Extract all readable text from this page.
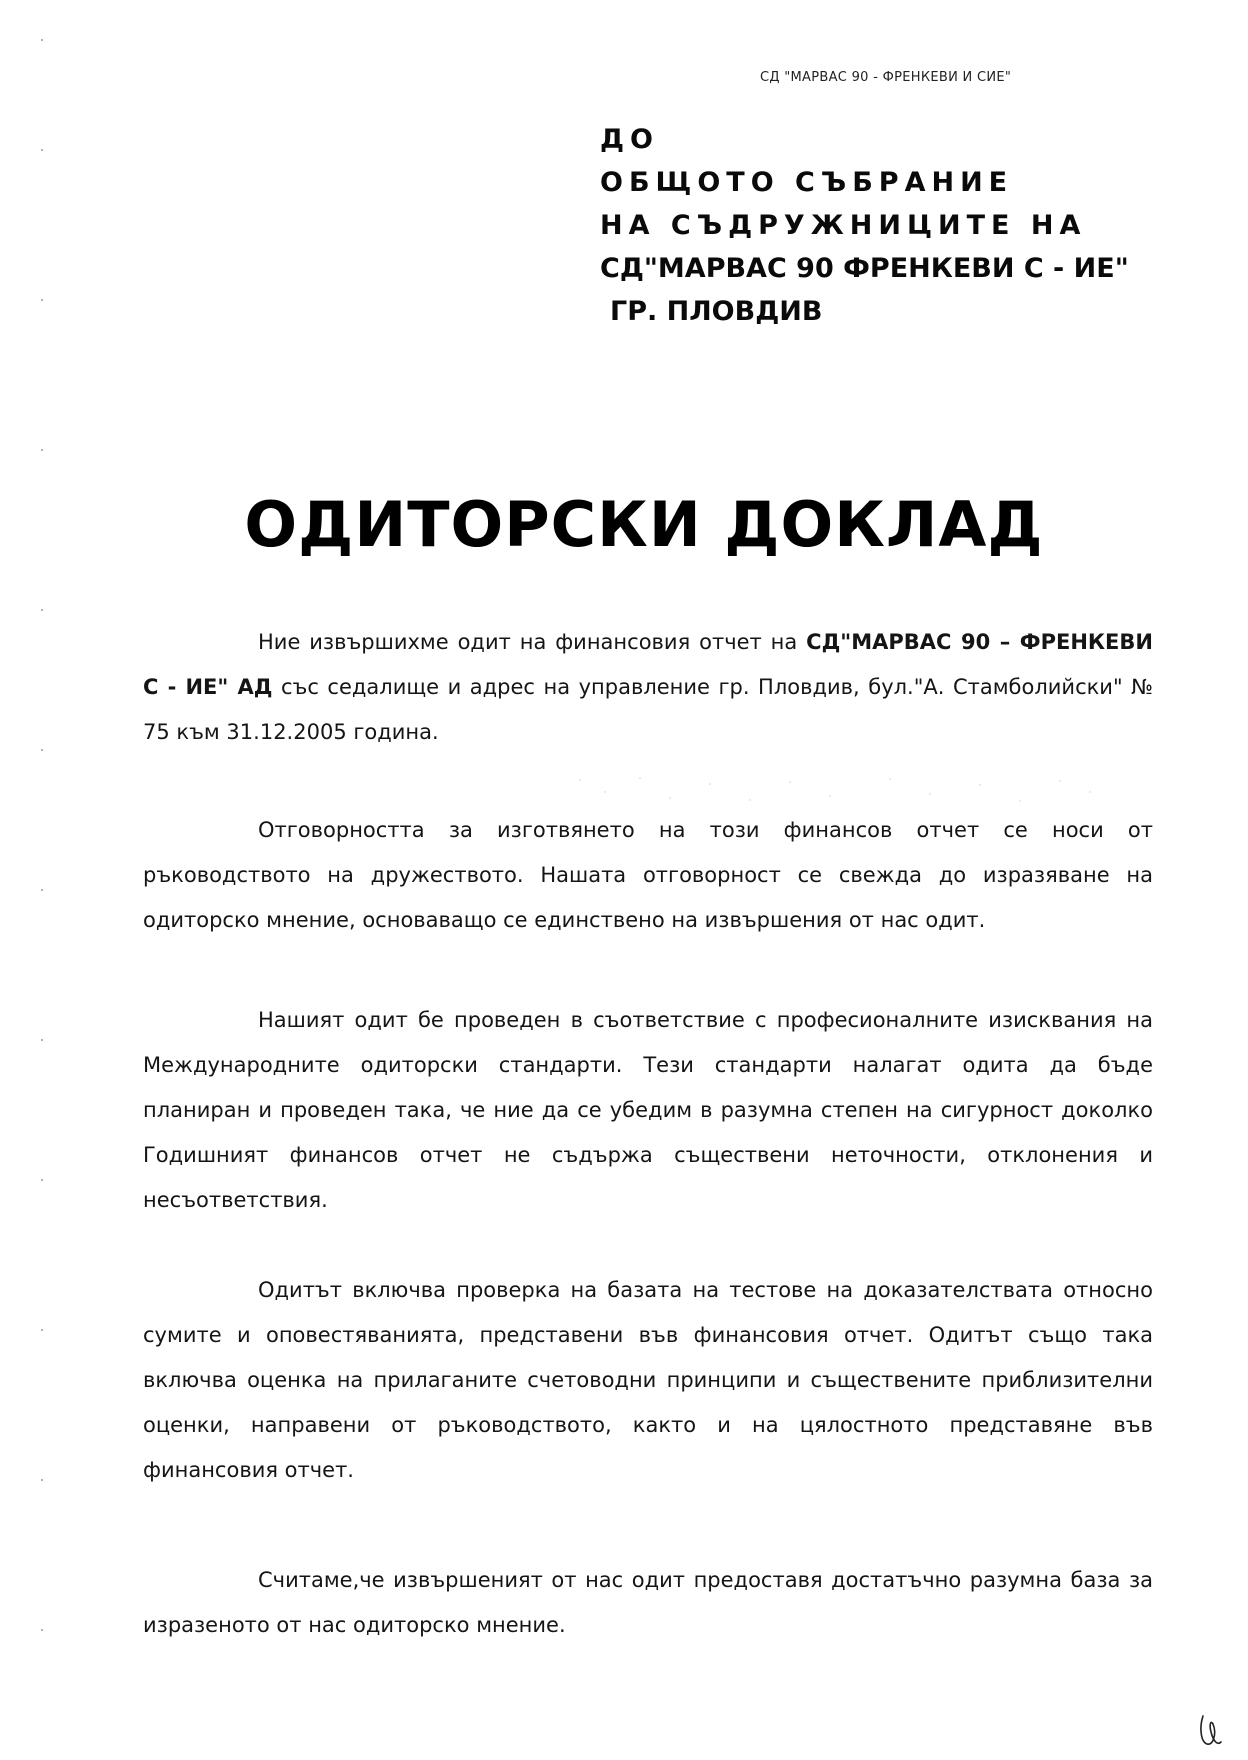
СД "МАРВАС 90 - ФРЕНКЕВИ И СИЕ"
ДО
ОБЩОТО СЪБРАНИЕ
НА СЪДРУЖНИЦИТЕ НА
СД"МАРВАС 90 ФРЕНКЕВИ С - ИЕ"
ГР. ПЛОВДИВ
ОДИТОРСКИ ДОКЛАД
Ние извършихме одит на финансовия отчет на СД"МАРВАС 90 – ФРЕНКЕВИ С - ИЕ" АД със седалище и адрес на управление гр. Пловдив, бул."А. Стамболийски" № 75 към 31.12.2005 година.
Отговорността за изготвянето на този финансов отчет се носи от ръководството на дружеството. Нашата отговорност се свежда до изразяване на одиторско мнение, основаващо се единствено на извършения от нас одит.
Нашият одит бе проведен в съответствие с професионалните изисквания на Международните одиторски стандарти. Тези стандарти налагат одита да бъде планиран и проведен така, че ние да се убедим в разумна степен на сигурност доколко Годишният финансов отчет не съдържа съществени неточности, отклонения и несъответствия.
Одитът включва проверка на базата на тестове на доказателствата относно сумите и оповестяванията, представени във финансовия отчет. Одитът също така включва оценка на прилаганите счетоводни принципи и съществените приблизителни оценки, направени от ръководството, както и на цялостното представяне във финансовия отчет.
Считаме,че извършеният от нас одит предоставя достатъчно разумна база за изразеното от нас одиторско мнение.
